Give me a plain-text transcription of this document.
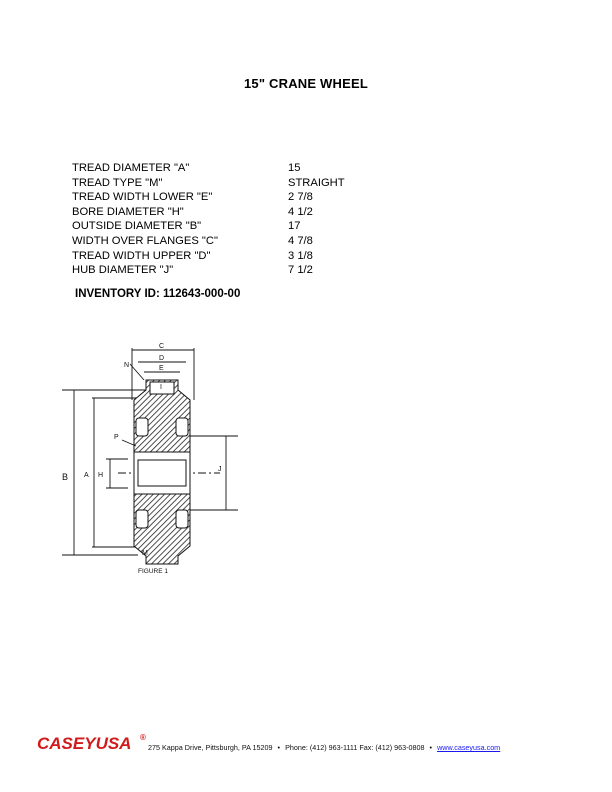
15" CRANE WHEEL
TREAD DIAMETER "A"	15
TREAD TYPE "M"	STRAIGHT
TREAD WIDTH LOWER "E"	2 7/8
BORE DIAMETER "H"	4 1/2
OUTSIDE DIAMETER "B"	17
WIDTH OVER FLANGES "C"	4 7/8
TREAD WIDTH UPPER "D"	3 1/8
HUB DIAMETER "J"	7 1/2
INVENTORY ID: 112643-000-00
C
D
E
N
I
P
B A H
J
M
FIGURE 1
CASEYUSA ®
275 Kappa Drive, Pittsburgh, PA 15209 • Phone: (412) 963-1111 Fax: (412) 963-0808 • www.caseyusa.com
